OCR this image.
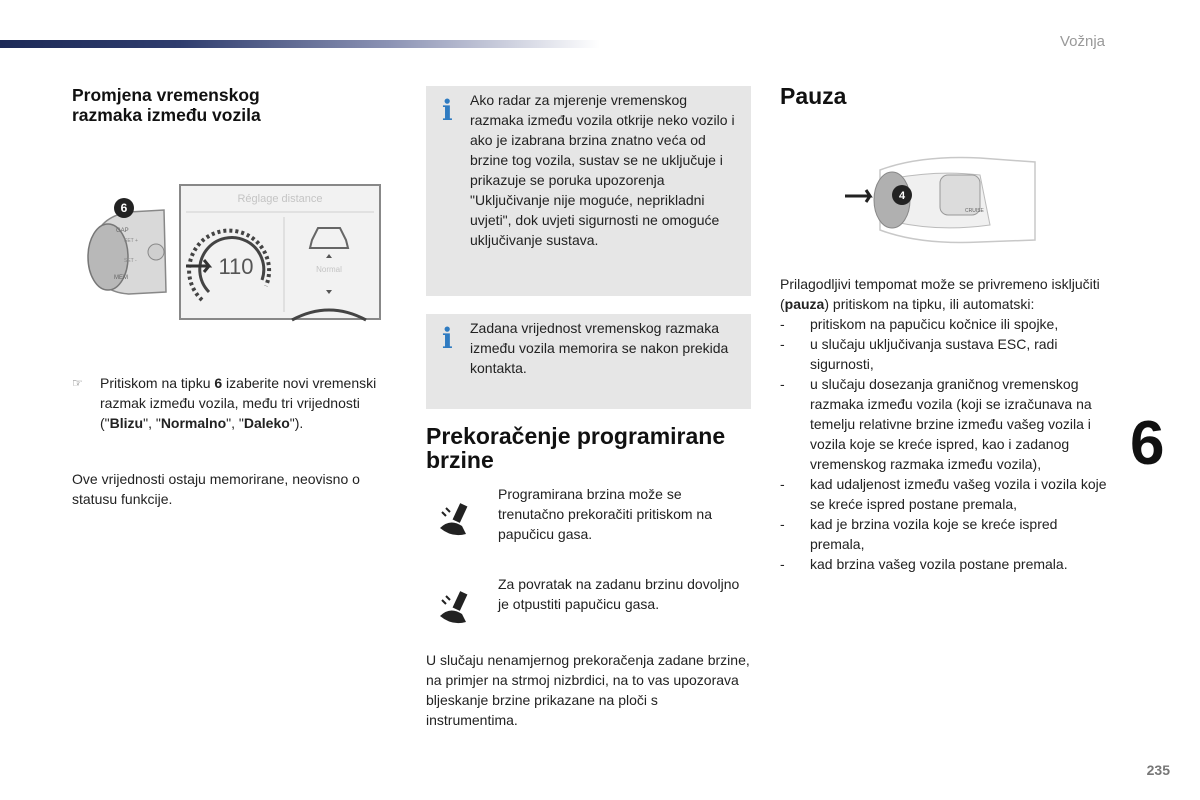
Vožnja
Promjena vremenskog razmaka između vozila
GAP
SET +
SET -
MEM
6
Réglage distance
110	Normal

☞ Pritiskom na tipku 6 izaberite novi vremenski razmak između vozila, među tri vrijednosti ("Blizu", "Normalno", "Daleko").

Ove vrijednosti ostaju memorirane, neovisno o statusu funkcije.

i Ako radar za mjerenje vremenskog razmaka između vozila otkrije neko vozilo i ako je izabrana brzina znatno veća od brzine tog vozila, sustav se ne uključuje i prikazuje se poruka upozorenja "Uključivanje nije moguće, neprikladni uvjeti", dok uvjeti sigurnosti ne omoguće uključivanje sustava.

i Zadana vrijednost vremenskog razmaka između vozila memorira se nakon prekida kontakta.

Prekoračenje programirane brzine

Programirana brzina može se trenutačno prekoračiti pritiskom na papučicu gasa.

Za povratak na zadanu brzinu dovoljno je otpustiti papučicu gasa.

U slučaju nenamjernog prekoračenja zadane brzine, na primjer na strmoj nizbrdici, na to vas upozorava bljeskanje brzine prikazane na ploči s instrumentima.

Pauza
CRUISE
4

Prilagodljivi tempomat može se privremeno isključiti (pauza) pritiskom na tipku, ili automatski:

- pritiskom na papučicu kočnice ili spojke,
- u slučaju uključivanja sustava ESC, radi sigurnosti,
- u slučaju dosezanja graničnog vremenskog razmaka između vozila (koji se izračunava na temelju relativne brzine između vašeg vozila i vozila koje se kreće ispred, kao i zadanog vremenskog razmaka između vozila),
- kad udaljenost između vašeg vozila i vozila koje se kreće ispred postane premala,
- kad je brzina vozila koje se kreće ispred premala,
- kad brzina vašeg vozila postane premala.
6
235
